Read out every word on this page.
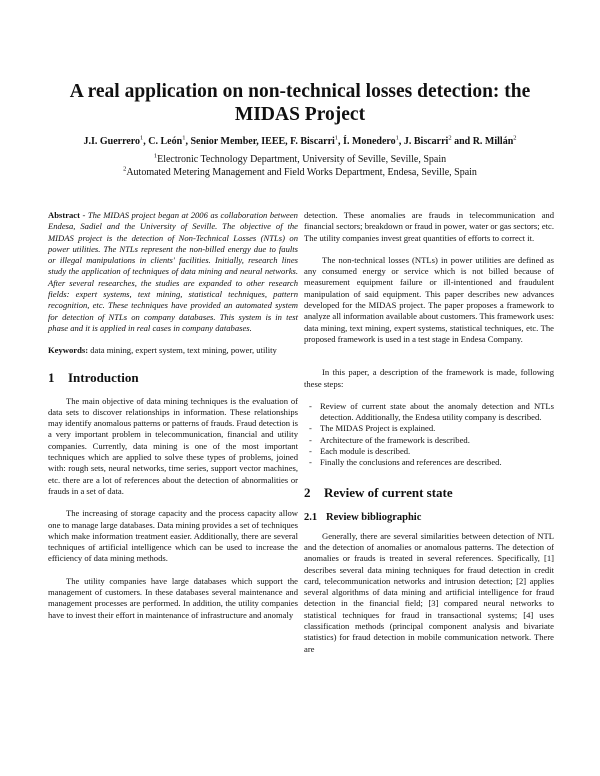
A real application on non-technical losses detection: the MIDAS Project
J.I. Guerrero$^1$, C. León$^1$, Senior Member, IEEE, F. Biscarri$^1$, Í. Monedero$^1$, J. Biscarri$^2$ and R. Millán$^2$
$^1$Electronic Technology Department, University of Seville, Seville, Spain
$^2$Automated Metering Management and Field Works Department, Endesa, Seville, Spain

Abstract - The MIDAS project began at 2006 as collaboration between Endesa, Sadiel and the University of Seville. The objective of the MIDAS project is the detection of Non-Technical Losses (NTLs) on power utilities. The NTLs represent the non-billed energy due to faults or illegal manipulations in clients' facilities. Initially, research lines study the application of techniques of data mining and neural networks. After several researches, the studies are expanded to other research fields: expert systems, text mining, statistical techniques, pattern recognition, etc. These techniques have provided an automated system for detection of NTLs on company databases. This system is in test phase and it is applied in real cases in company databases.

Keywords: data mining, expert system, text mining, power, utility

1	Introduction

The main objective of data mining techniques is the evaluation of data sets to discover relationships in information. These relationships may identify anomalous patterns or patterns of frauds. Fraud detection is a very important problem in telecommunication, financial and utility companies. Currently, data mining is one of the most important techniques which are applied to solve these types of problems, joined with: rough sets, neural networks, time series, support vector machines, etc. there are a lot of references about the detection of abnormalities or frauds in a set of data.

The increasing of storage capacity and the process capacity allow one to manage large databases. Data mining provides a set of techniques which make information treatment easier. Additionally, there are several techniques of artificial intelligence which can be used to increase the efficiency of data mining methods.

The utility companies have large databases which support the management of customers. In these databases several maintenance and management processes are performed. In addition, the utility companies have to invest their effort in maintenance of infrastructure and anomaly

detection. These anomalies are frauds in telecommunication and financial sectors; breakdown or fraud in power, water or gas sectors; etc. The utility companies invest great quantities of efforts to correct it.

The non-technical losses (NTLs) in power utilities are defined as any consumed energy or service which is not billed because of measurement equipment failure or ill-intentioned and fraudulent manipulation of said equipment. This paper describes new advances developed for the MIDAS project. The paper proposes a framework to analyze all information available about customers. This framework uses: data mining, text mining, expert systems, statistical techniques, etc. The proposed framework is used in a test stage in Endesa Company.

In this paper, a description of the framework is made, following these steps:

- Review of current state about the anomaly detection and NTLs detection. Additionally, the Endesa utility company is described.
- The MIDAS Project is explained.
- Architecture of the framework is described.
- Each module is described.
- Finally the conclusions and references are described.
2	Review of current state
2.1 Review bibliographic

Generally, there are several similarities between detection of NTL and the detection of anomalies or anomalous patterns. The detection of anomalies or frauds is treated in several references. Specifically, [1] describes several data mining techniques for fraud detection in credit card, telecommunication networks and intrusion detection; [2] applies several algorithms of data mining and artificial intelligence for fraud detection in the financial field; [3] compared neural networks to statistical techniques for fraud in transactional systems; [4] uses classification methods (principal component analysis and bivariate statistics) for fraud detection in mobile communication network. There are
